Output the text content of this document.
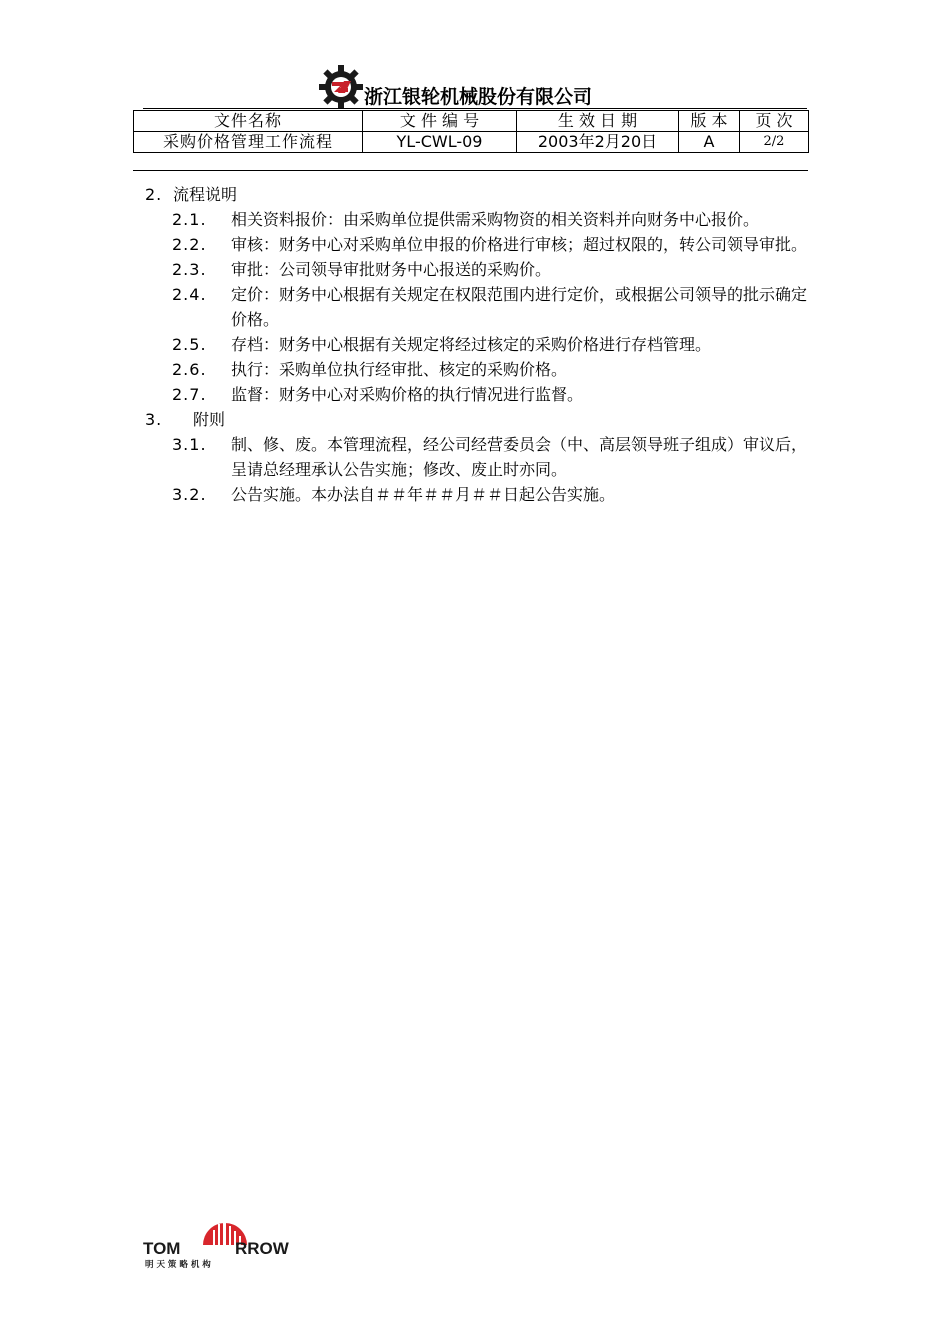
浙江银轮机械股份有限公司
文件名称	文 件 编 号	生 效 日 期	版 本	页 次
采购价格管理工作流程	YL-CWL-09	2003年2月20日	A	2/2
2. 流程说明
2.1. 相关资料报价：由采购单位提供需采购物资的相关资料并向财务中心报价。
2.2. 审核：财务中心对采购单位申报的价格进行审核；超过权限的，转公司领导审批。
2.3. 审批：公司领导审批财务中心报送的采购价。
2.4. 定价：财务中心根据有关规定在权限范围内进行定价，或根据公司领导的批示确定价格。
2.5. 存档：财务中心根据有关规定将经过核定的采购价格进行存档管理。
2.6. 执行：采购单位执行经审批、核定的采购价格。
2.7. 监督：财务中心对采购价格的执行情况进行监督。
3. 附则
3.1. 制、修、废。本管理流程，经公司经营委员会（中、高层领导班子组成）审议后，呈请总经理承认公告实施；修改、废止时亦同。
3.2. 公告实施。本办法自＃＃年＃＃月＃＃日起公告实施。
TOM	RROW
明 天 策 略 机 构
